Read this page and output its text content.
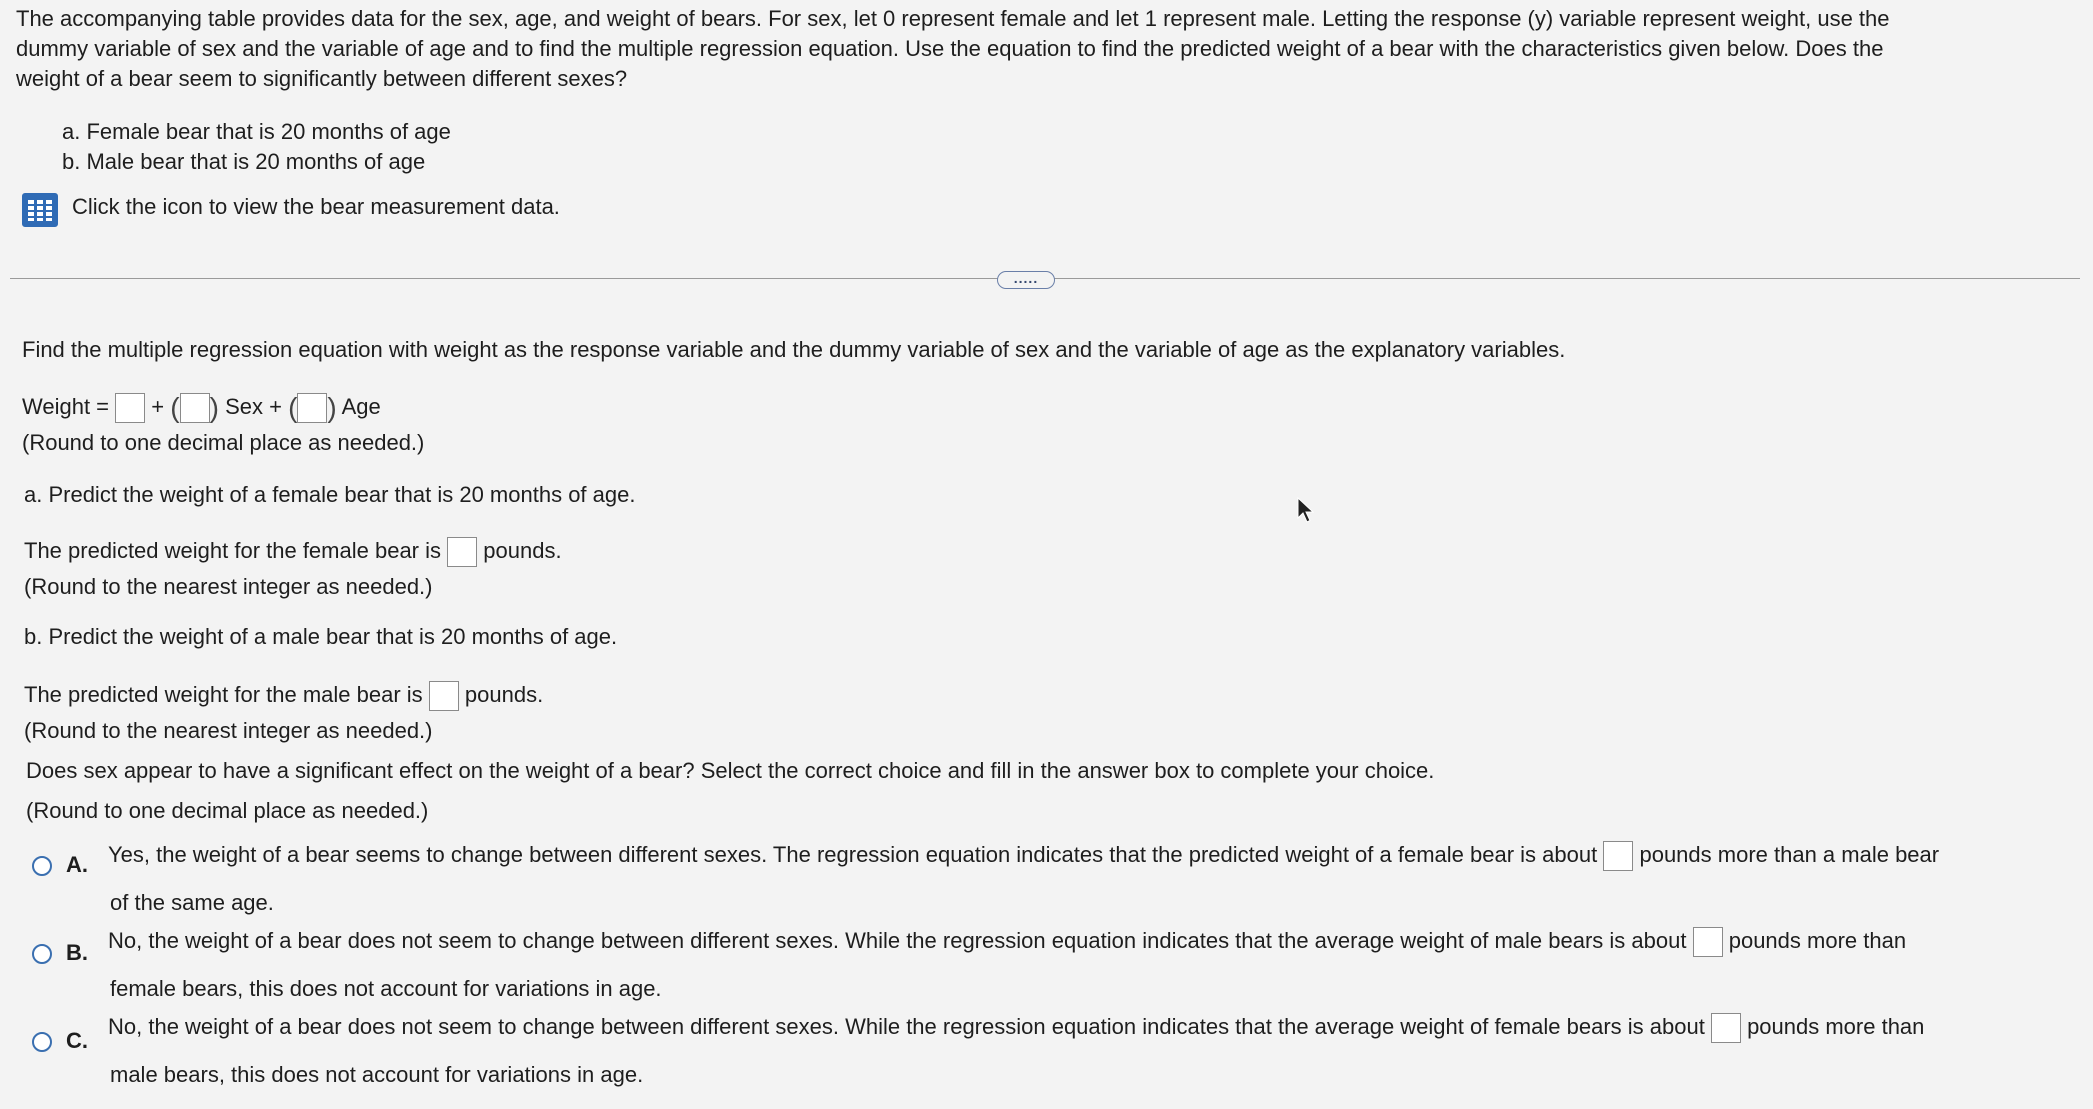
The accompanying table provides data for the sex, age, and weight of bears. For sex, let 0 represent female and let 1 represent male. Letting the response (y) variable represent weight, use the
dummy variable of sex and the variable of age and to find the multiple regression equation. Use the equation to find the predicted weight of a bear with the characteristics given below. Does the
weight of a bear seem to significantly between different sexes?
a. Female bear that is 20 months of age
b. Male bear that is 20 months of age
Click the icon to view the bear measurement data.
.....
Find the multiple regression equation with weight as the response variable and the dummy variable of sex and the variable of age as the explanatory variables.
Weight = + ( ) Sex + ( ) Age
(Round to one decimal place as needed.)
a. Predict the weight of a female bear that is 20 months of age.
The predicted weight for the female bear is pounds.
(Round to the nearest integer as needed.)
b. Predict the weight of a male bear that is 20 months of age.
The predicted weight for the male bear is pounds.
(Round to the nearest integer as needed.)
Does sex appear to have a significant effect on the weight of a bear? Select the correct choice and fill in the answer box to complete your choice.
(Round to one decimal place as needed.)
A. Yes, the weight of a bear seems to change between different sexes. The regression equation indicates that the predicted weight of a female bear is about pounds more than a male bear
of the same age.
B. No, the weight of a bear does not seem to change between different sexes. While the regression equation indicates that the average weight of male bears is about pounds more than
female bears, this does not account for variations in age.
C.
No, the weight of a bear does not seem to change between different sexes. While the regression equation indicates that the average weight of female bears is about pounds more than
male bears, this does not account for variations in age.
